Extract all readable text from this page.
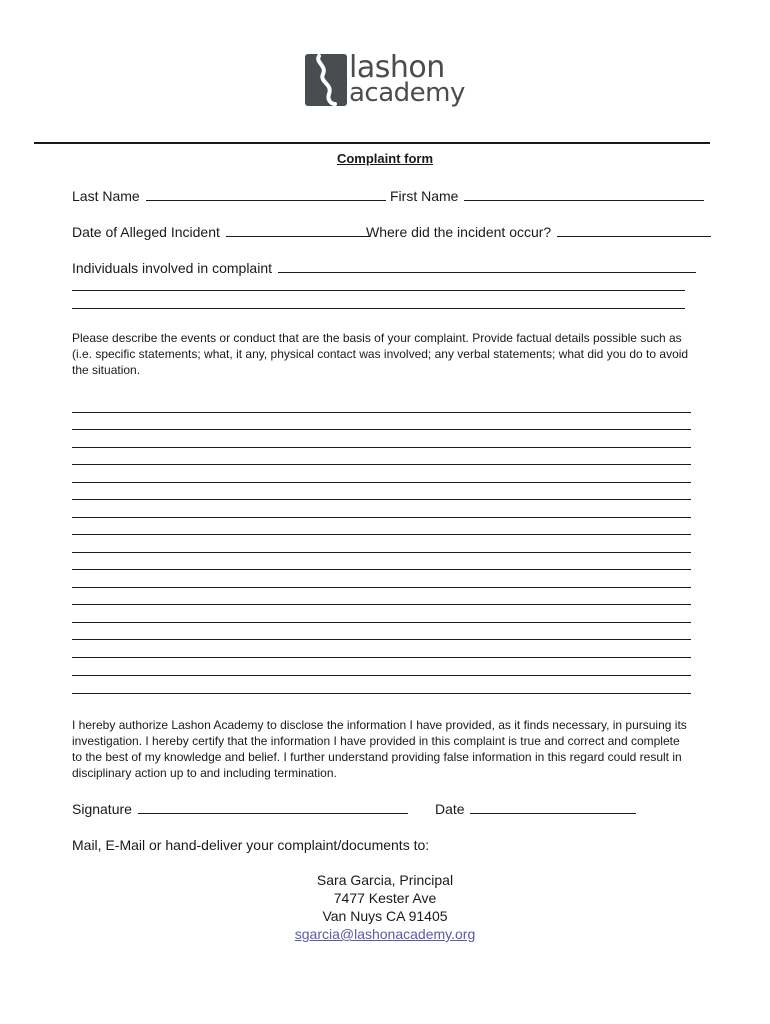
lashon
academy
Complaint form
Last Name	First Name
Date of Alleged Incident	Where did the incident occur?
Individuals involved in complaint
Please describe the events or conduct that are the basis of your complaint. Provide factual details possible such as (i.e. specific statements; what, it any, physical contact was involved; any verbal statements; what did you do to avoid the situation.
I hereby authorize Lashon Academy to disclose the information I have provided, as it finds necessary, in pursuing its investigation. I hereby certify that the information I have provided in this complaint is true and correct and complete to the best of my knowledge and belief. I further understand providing false information in this regard could result in disciplinary action up to and including termination.
Signature	Date
Mail, E-Mail or hand-deliver your complaint/documents to:
Sara Garcia, Principal
7477 Kester Ave
Van Nuys CA 91405
sgarcia@lashonacademy.org
